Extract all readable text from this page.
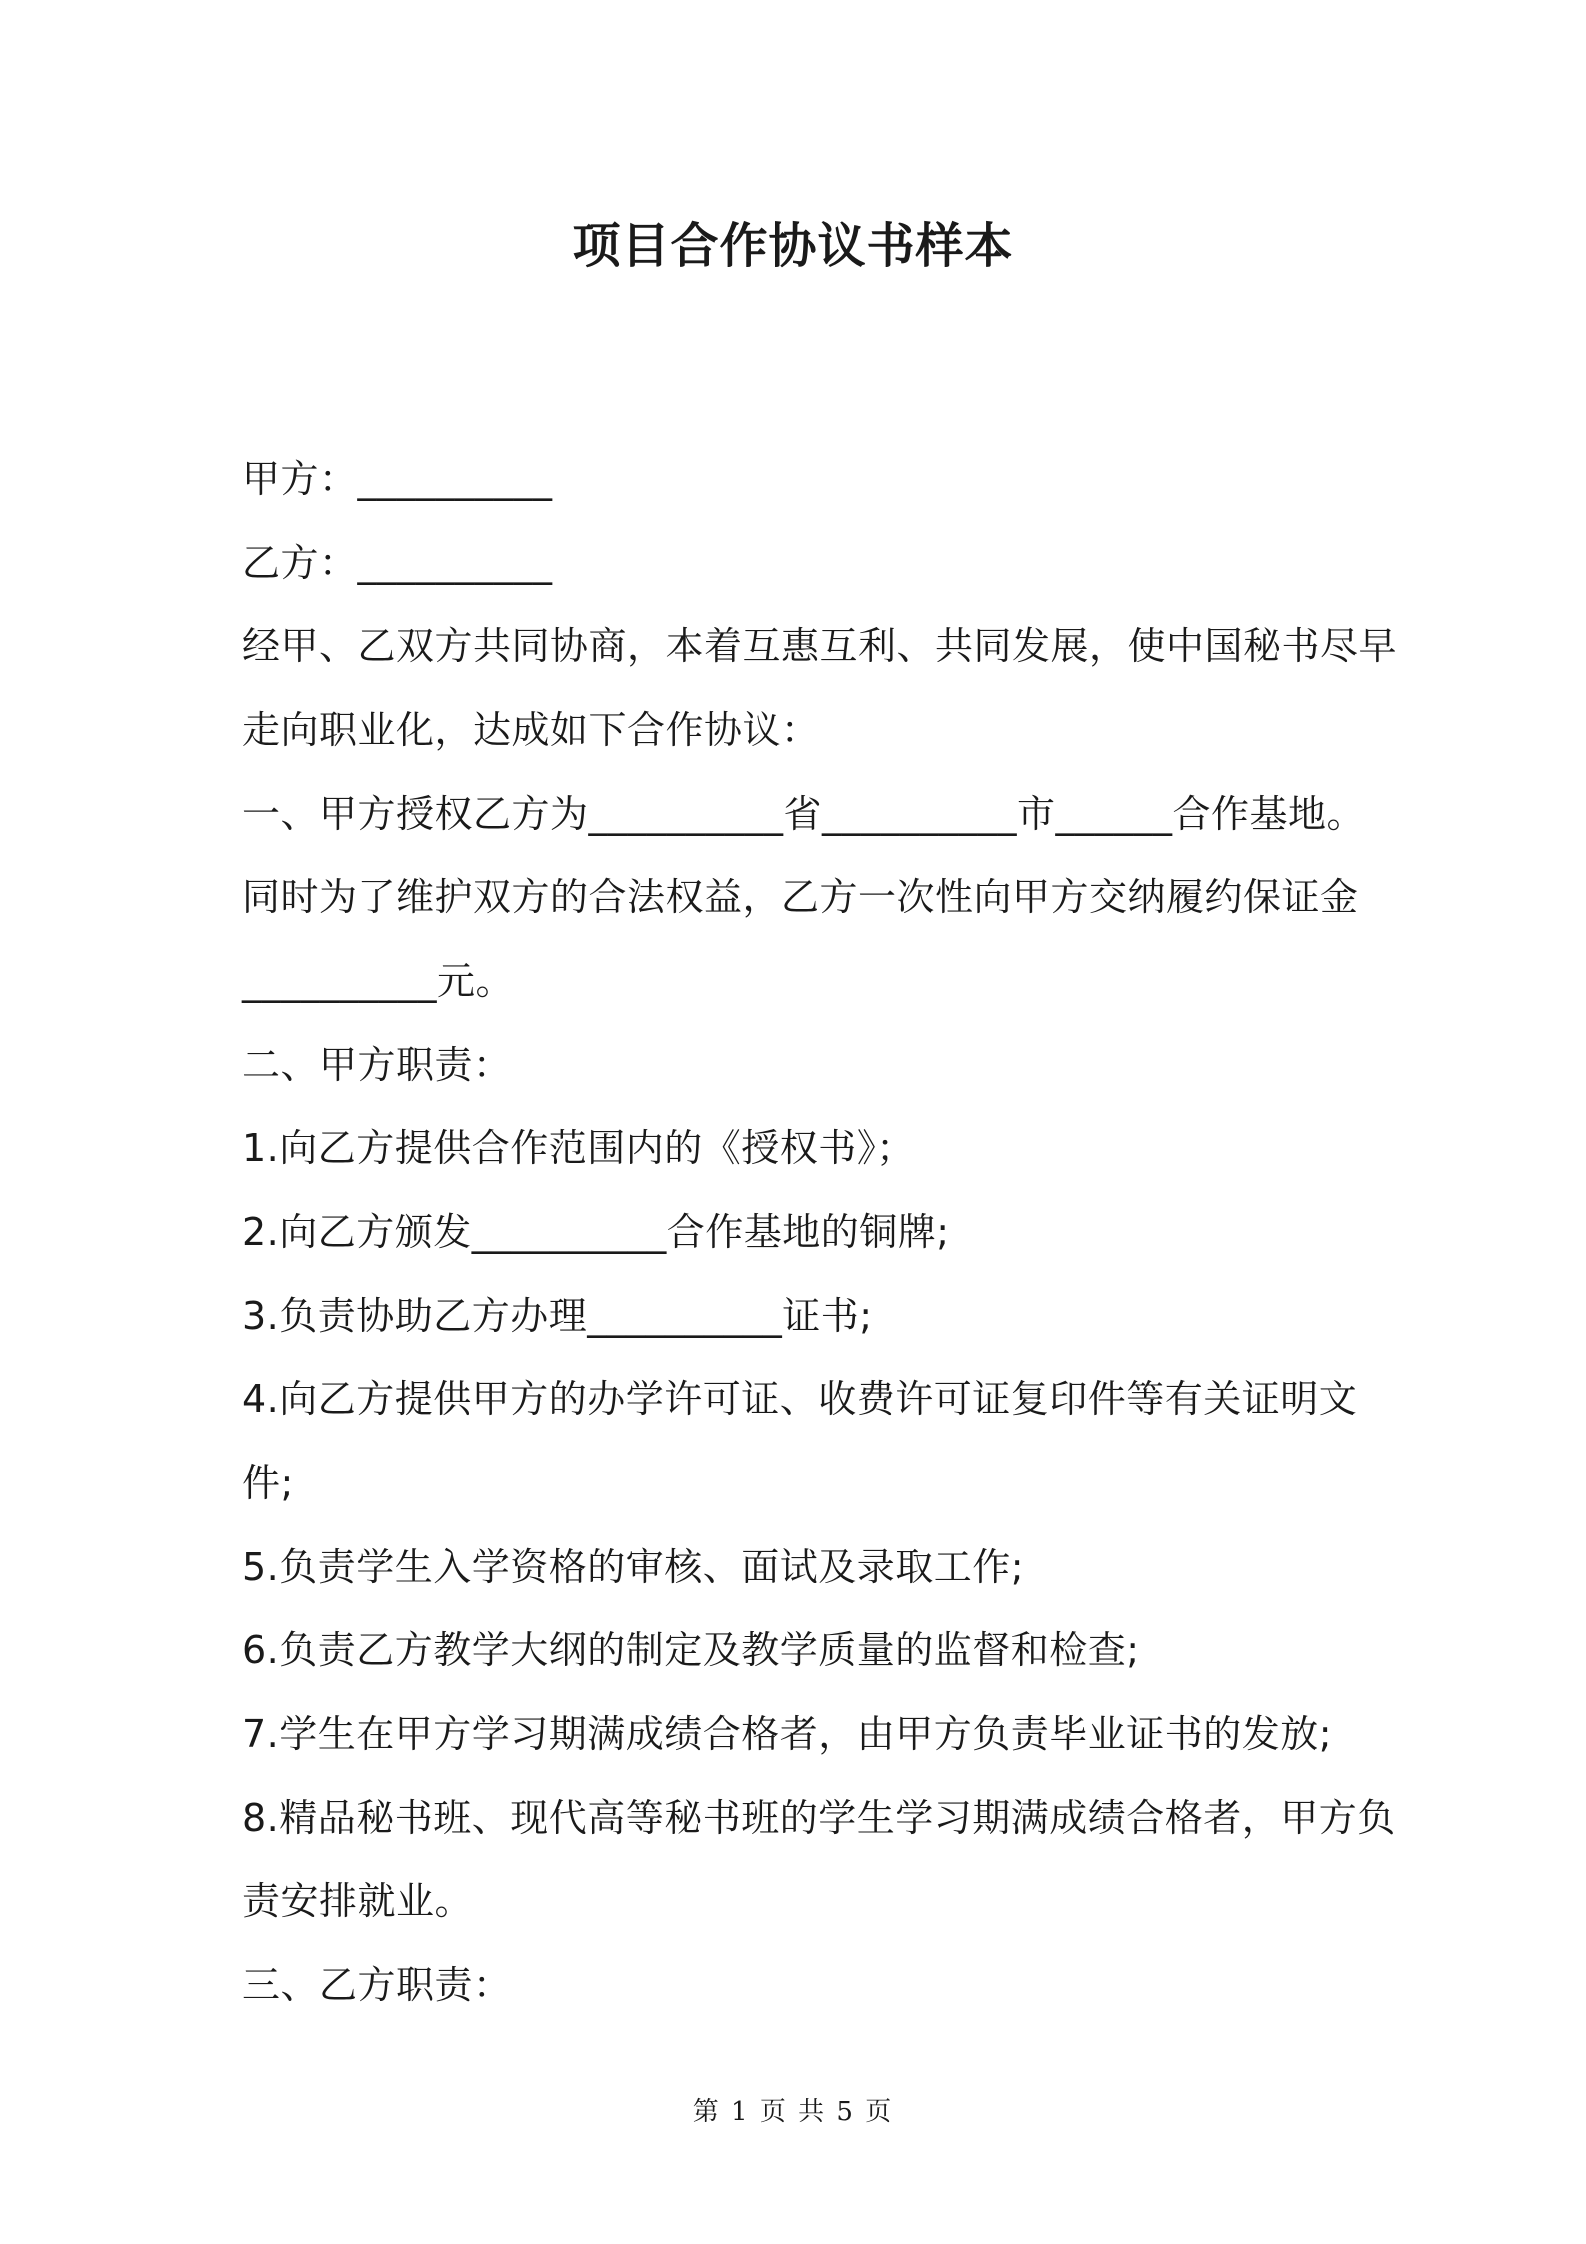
项目合作协议书样本
甲方：__________
乙方：__________
经甲、乙双方共同协商，本着互惠互利、共同发展，使中国秘书尽早
走向职业化，达成如下合作协议：
一、甲方授权乙方为__________省__________市______合作基地。
同时为了维护双方的合法权益，乙方一次性向甲方交纳履约保证金
__________元。
二、甲方职责：
1.向乙方提供合作范围内的《授权书》；
2.向乙方颁发__________合作基地的铜牌;
3.负责协助乙方办理__________证书;
4.向乙方提供甲方的办学许可证、收费许可证复印件等有关证明文
件;
5.负责学生入学资格的审核、面试及录取工作;
6.负责乙方教学大纲的制定及教学质量的监督和检查;
7.学生在甲方学习期满成绩合格者，由甲方负责毕业证书的发放;
8.精品秘书班、现代高等秘书班的学生学习期满成绩合格者，甲方负
责安排就业。
三、乙方职责：
第 1 页 共 5 页
